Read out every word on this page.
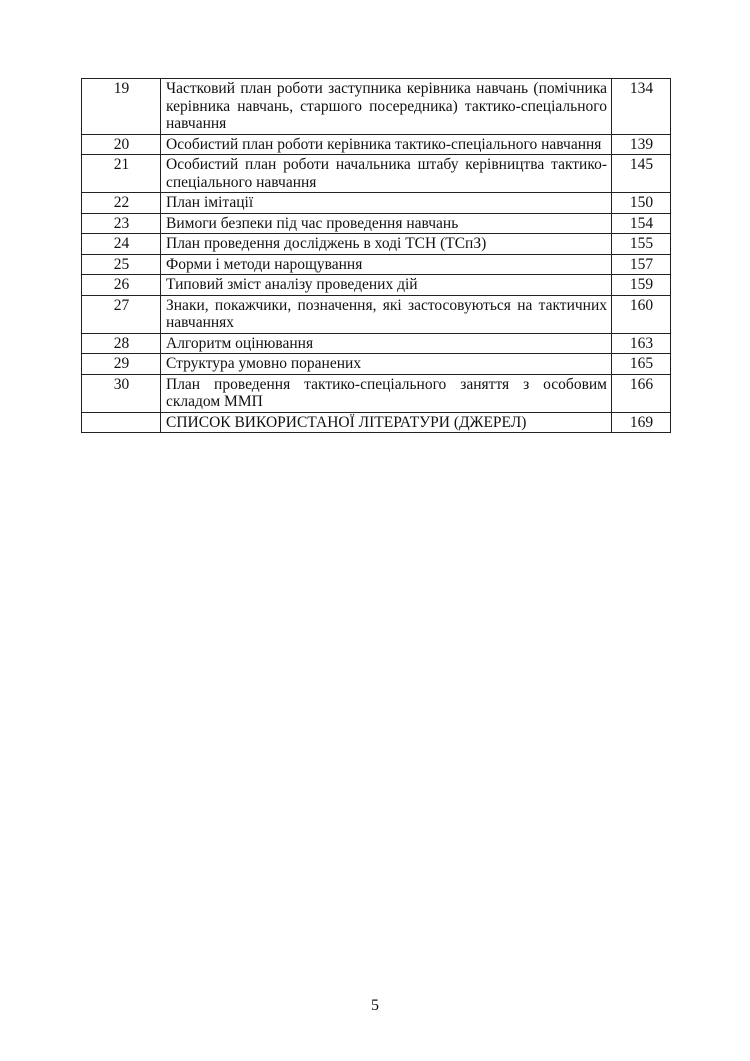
19	Частковий план роботи заступника керівника навчань (помічника керівника навчань, старшого посередника) тактико-спеціального навчання	134
20	Особистий план роботи керівника тактико-спеціального навчання	139
21	Особистий план роботи начальника штабу керівництва тактико-спеціального навчання	145
22	План імітації	150
23	Вимоги безпеки під час проведення навчань	154
24	План проведення досліджень в ході ТСН (ТСпЗ)	155
25	Форми і методи нарощування	157
26	Типовий зміст аналізу проведених дій	159
27	Знаки, покажчики, позначення, які застосовуються на тактичних навчаннях	160
28	Алгоритм оцінювання	163
29	Структура умовно поранених	165
30	План проведення тактико-спеціального заняття з особовим складом ММП	166
	СПИСОК ВИКОРИСТАНОЇ ЛІТЕРАТУРИ (ДЖЕРЕЛ)	169
5
